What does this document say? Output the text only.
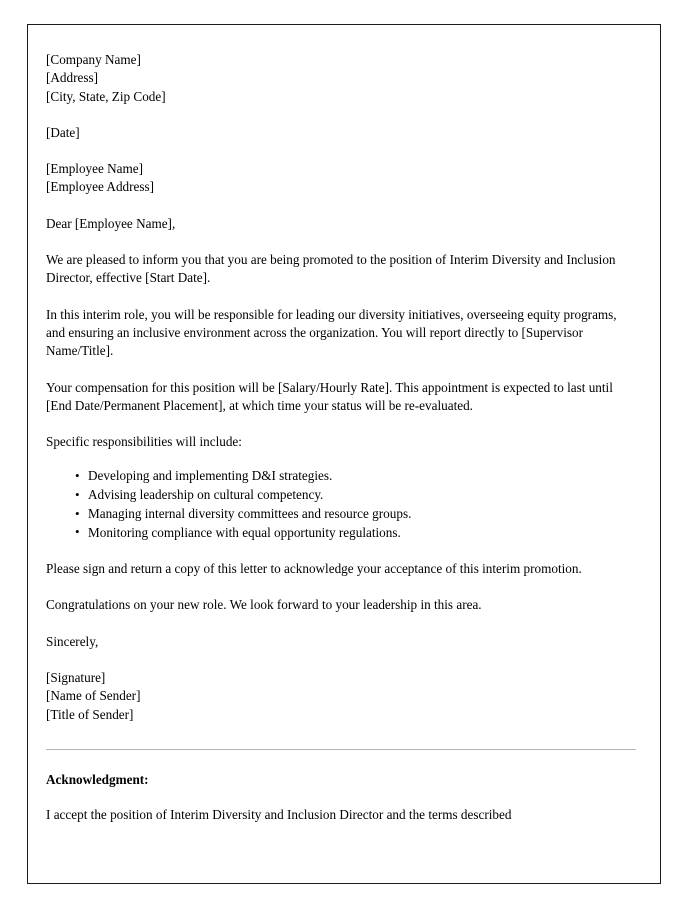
[Company Name]
[Address]
[City, State, Zip Code]
[Date]
[Employee Name]
[Employee Address]

Dear [Employee Name],

We are pleased to inform you that you are being promoted to the position of Interim Diversity and Inclusion Director, effective [Start Date].

In this interim role, you will be responsible for leading our diversity initiatives, overseeing equity programs, and ensuring an inclusive environment across the organization. You will report directly to [Supervisor Name/Title].

Your compensation for this position will be [Salary/Hourly Rate]. This appointment is expected to last until [End Date/Permanent Placement], at which time your status will be re-evaluated.

Specific responsibilities will include:

• Developing and implementing D&I strategies.
• Advising leadership on cultural competency.
• Managing internal diversity committees and resource groups.
• Monitoring compliance with equal opportunity regulations.

Please sign and return a copy of this letter to acknowledge your acceptance of this interim promotion.

Congratulations on your new role. We look forward to your leadership in this area.

Sincerely,

[Signature]
[Name of Sender]
[Title of Sender]

Acknowledgment:

I accept the position of Interim Diversity and Inclusion Director and the terms described
